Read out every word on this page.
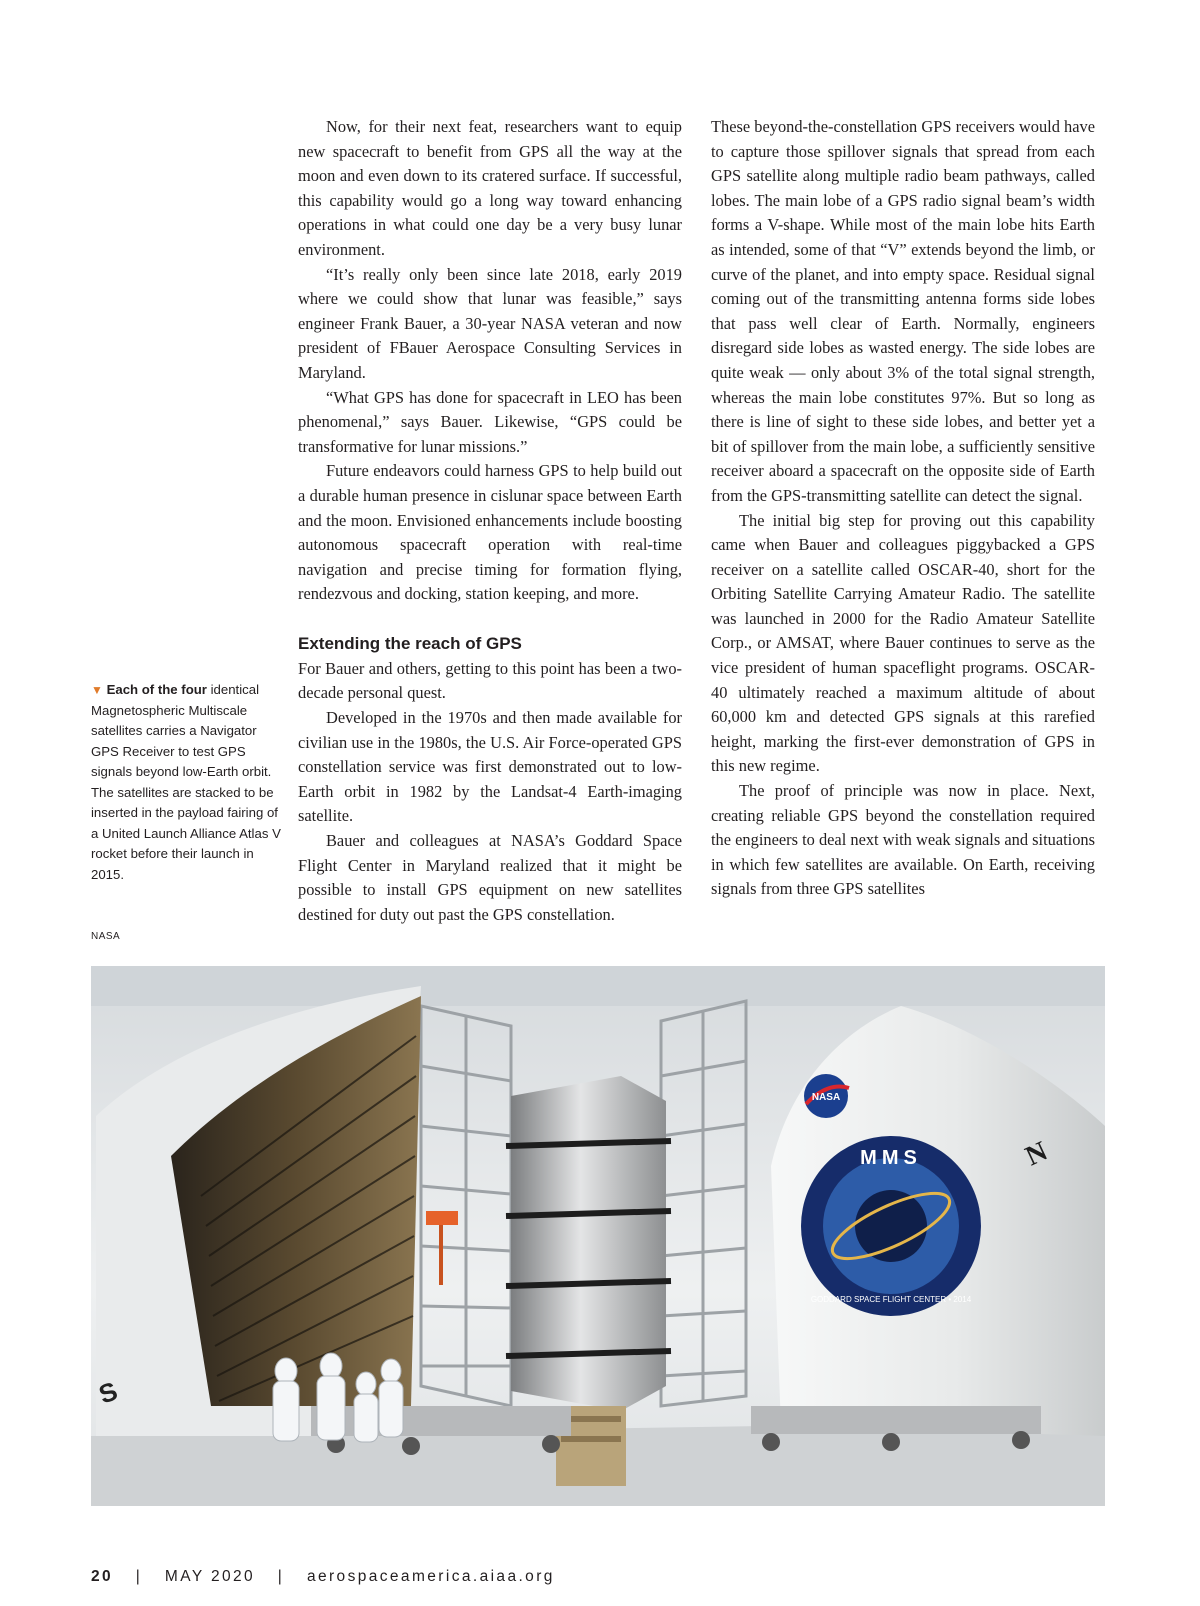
▼ Each of the four identical Magnetospheric Multiscale satellites carries a Navigator GPS Receiver to test GPS signals beyond low-Earth orbit. The satellites are stacked to be inserted in the payload fairing of a United Launch Alliance Atlas V rocket before their launch in 2015.
NASA

Now, for their next feat, researchers want to equip new spacecraft to benefit from GPS all the way at the moon and even down to its cratered surface. If successful, this capability would go a long way toward enhancing operations in what could one day be a very busy lunar environment.

“It’s really only been since late 2018, early 2019 where we could show that lunar was feasible,” says engineer Frank Bauer, a 30-year NASA veteran and now president of FBauer Aerospace Consulting Services in Maryland.

“What GPS has done for spacecraft in LEO has been phenomenal,” says Bauer. Likewise, “GPS could be transformative for lunar missions.”

Future endeavors could harness GPS to help build out a durable human presence in cislunar space between Earth and the moon. Envisioned enhancements include boosting autonomous spacecraft operation with real-time navigation and precise timing for formation flying, rendezvous and docking, station keeping, and more.

Extending the reach of GPS

For Bauer and others, getting to this point has been a two-decade personal quest.

Developed in the 1970s and then made available for civilian use in the 1980s, the U.S. Air Force-operated GPS constellation service was first demonstrated out to low-Earth orbit in 1982 by the Landsat-4 Earth-imaging satellite.

Bauer and colleagues at NASA’s Goddard Space Flight Center in Maryland realized that it might be possible to install GPS equipment on new satellites destined for duty out past the GPS constellation.

These beyond-the-constellation GPS receivers would have to capture those spillover signals that spread from each GPS satellite along multiple radio beam pathways, called lobes. The main lobe of a GPS radio signal beam’s width forms a V-shape. While most of the main lobe hits Earth as intended, some of that “V” extends beyond the limb, or curve of the planet, and into empty space. Residual signal coming out of the transmitting antenna forms side lobes that pass well clear of Earth. Normally, engineers disregard side lobes as wasted energy. The side lobes are quite weak — only about 3% of the total signal strength, whereas the main lobe constitutes 97%. But so long as there is line of sight to these side lobes, and better yet a bit of spillover from the main lobe, a sufficiently sensitive receiver aboard a spacecraft on the opposite side of Earth from the GPS-transmitting satellite can detect the signal.

The initial big step for proving out this capability came when Bauer and colleagues piggybacked a GPS receiver on a satellite called OSCAR-40, short for the Orbiting Satellite Carrying Amateur Radio. The satellite was launched in 2000 for the Radio Amateur Satellite Corp., or AMSAT, where Bauer continues to serve as the vice president of human spaceflight programs. OSCAR-40 ultimately reached a maximum altitude of about 60,000 km and detected GPS signals at this rarefied height, marking the first-ever demonstration of GPS in this new regime.

The proof of principle was now in place. Next, creating reliable GPS beyond the constellation required the engineers to deal next with weak signals and situations in which few satellites are available. On Earth, receiving signals from three GPS satellites

S
NASA
MMS
GODDARD SPACE FLIGHT CENTER • 2014
N
20 | MAY 2020 | aerospaceamerica.aiaa.org
